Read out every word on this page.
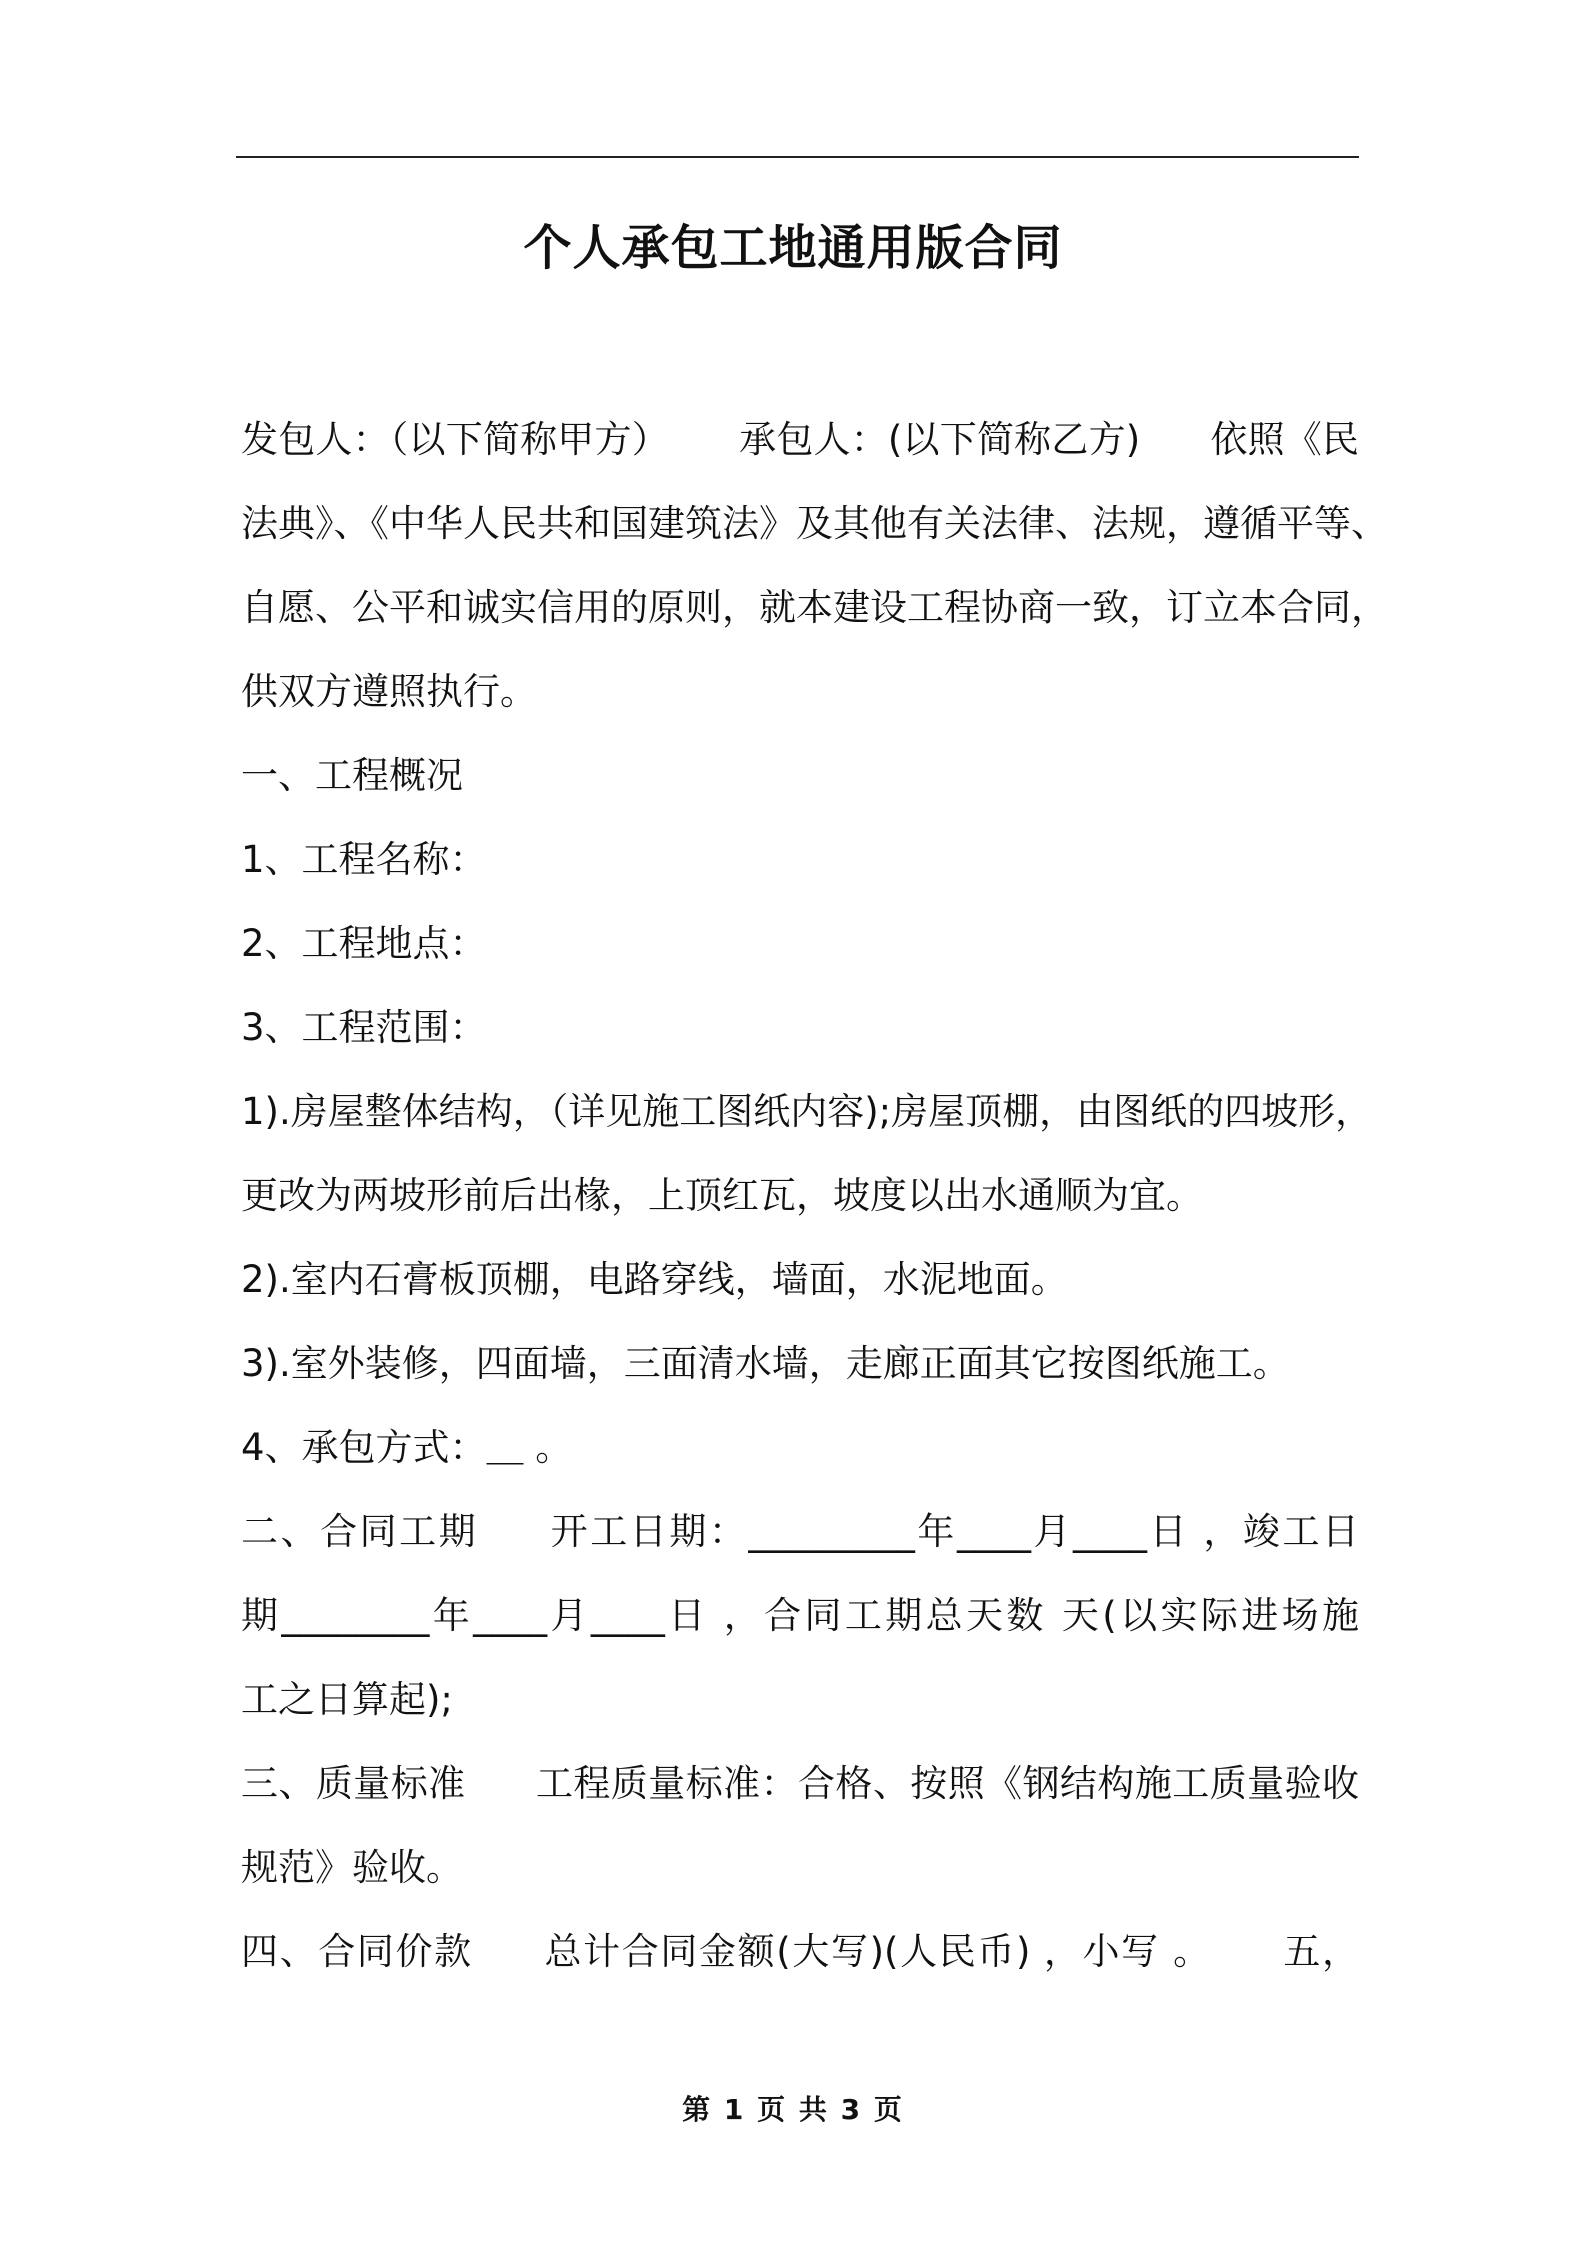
个人承包工地通用版合同
发包人：（以下简称甲方） 承包人：(以下简称乙方) 依照《民
法典》、《中华人民共和国建筑法》及其他有关法律、法规，遵循平等、
自愿、公平和诚实信用的原则，就本建设工程协商一致，订立本合同，
供双方遵照执行。
一、工程概况
1、工程名称：
2、工程地点：
3、工程范围：
1).房屋整体结构，（详见施工图纸内容);房屋顶棚，由图纸的四坡形，
更改为两坡形前后出椽，上顶红瓦，坡度以出水通顺为宜。
2).室内石膏板顶棚，电路穿线，墙面，水泥地面。
3).室外装修，四面墙，三面清水墙，走廊正面其它按图纸施工。
4、承包方式：＿ 。
二、合同工期 开工日期：_________年____月____日 ，竣工日
期________年____月____日 ，合同工期总天数 天(以实际进场施
工之日算起);
三、质量标准 工程质量标准：合格、按照《钢结构施工质量验收
规范》验收。
四、合同价款 总计合同金额(大写)(人民币) ，小写 。 五，
第 1 页 共 3 页
